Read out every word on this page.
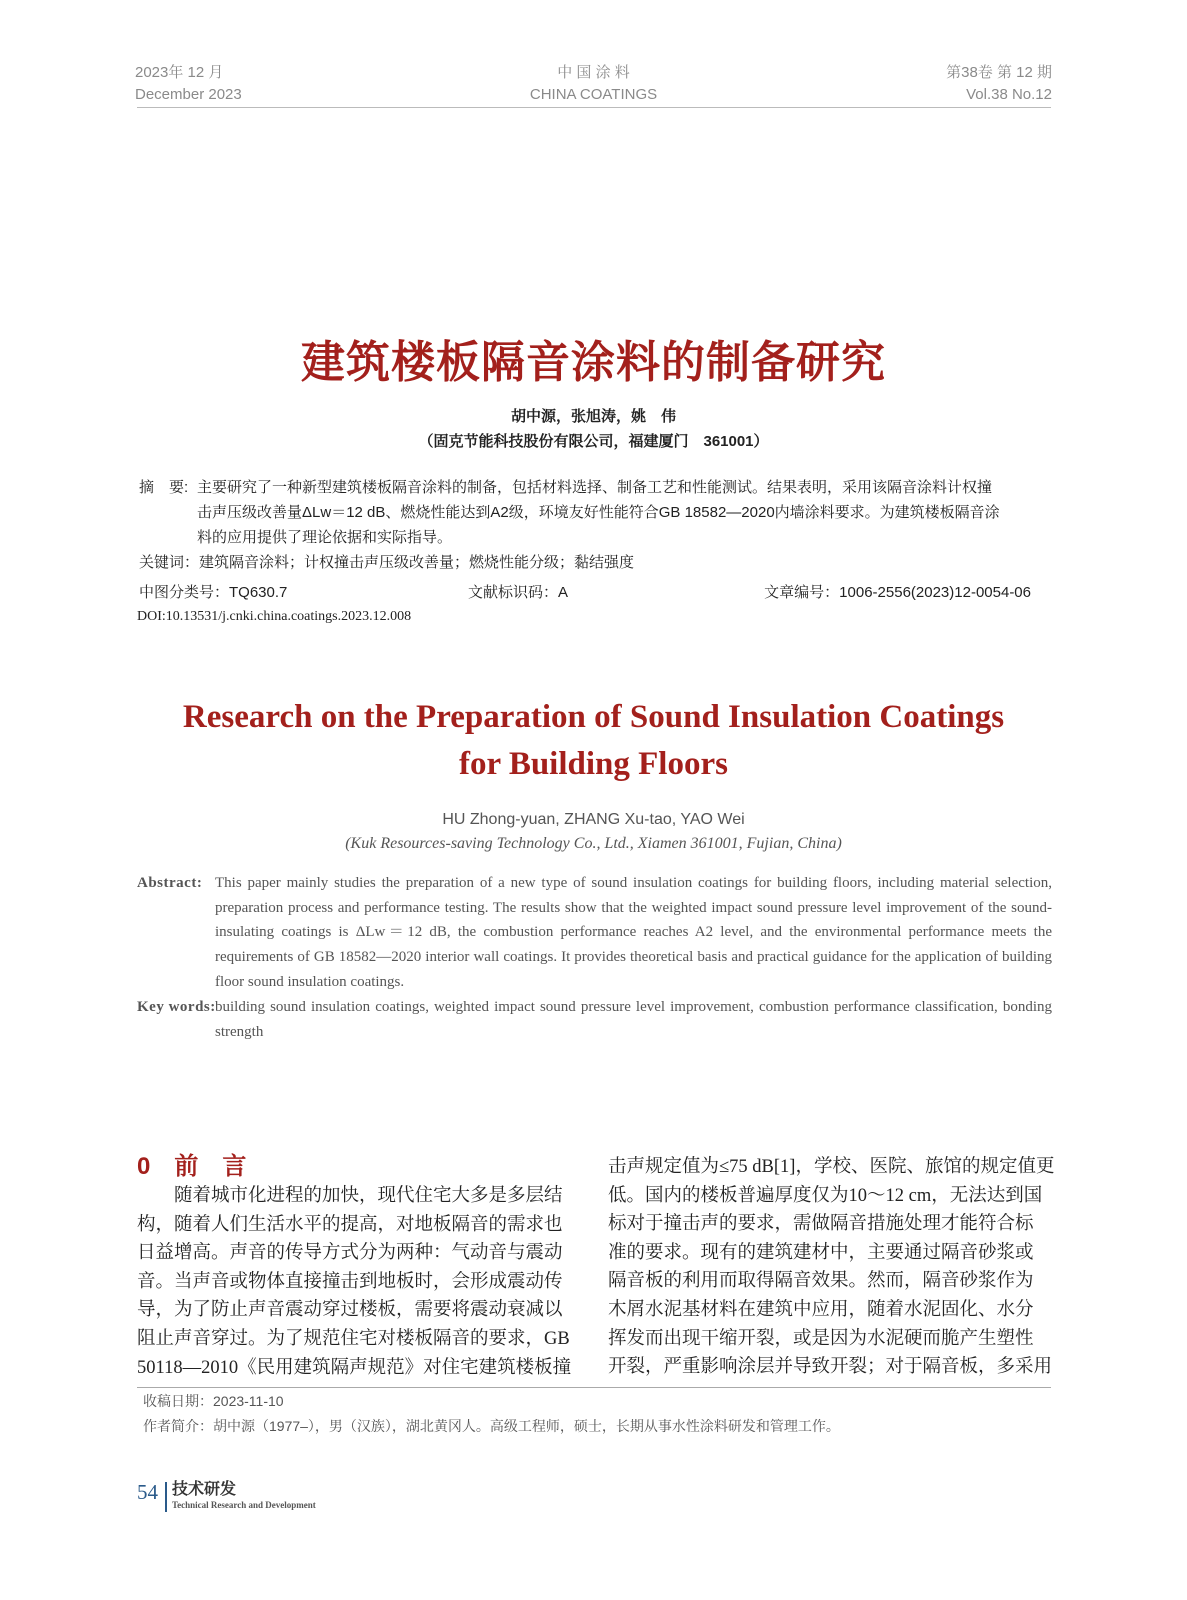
2023年 12 月
December 2023
中 国 涂 料
CHINA COATINGS
第38卷 第 12 期
Vol.38 No.12
建筑楼板隔音涂料的制备研究
胡中源，张旭涛，姚　伟
（固克节能科技股份有限公司，福建厦门　361001）
摘　要: 主要研究了一种新型建筑楼板隔音涂料的制备，包括材料选择、制备工艺和性能测试。结果表明，采用该隔音涂料计权撞
击声压级改善量ΔLw＝12 dB、燃烧性能达到A2级，环境友好性能符合GB 18582—2020内墙涂料要求。为建筑楼板隔音涂
料的应用提供了理论依据和实际指导。
关键词：建筑隔音涂料；计权撞击声压级改善量；燃烧性能分级；黏结强度
中图分类号：TQ630.7	文献标识码：A	文章编号：1006-2556(2023)12-0054-06
DOI:10.13531/j.cnki.china.coatings.2023.12.008
Research on the Preparation of Sound Insulation Coatings
for Building Floors
HU Zhong-yuan, ZHANG Xu-tao, YAO Wei
(Kuk Resources-saving Technology Co., Ltd., Xiamen 361001, Fujian, China)
Abstract: This paper mainly studies the preparation of a new type of sound insulation coatings for building floors, including material selection, preparation process and performance testing. The results show that the weighted impact sound pressure level improvement of the sound-insulating coatings is ΔLw＝12 dB, the combustion performance reaches A2 level, and the environmental performance meets the requirements of GB 18582—2020 interior wall coatings. It provides theoretical basis and practical guidance for the application of building floor sound insulation coatings.
Key words: building sound insulation coatings, weighted impact sound pressure level improvement, combustion performance classification, bonding strength
0　前　言
　　随着城市化进程的加快，现代住宅大多是多层结
构，随着人们生活水平的提高，对地板隔音的需求也
日益增高。声音的传导方式分为两种：气动音与震动
音。当声音或物体直接撞击到地板时，会形成震动传
导，为了防止声音震动穿过楼板，需要将震动衰减以
阻止声音穿过。为了规范住宅对楼板隔音的要求，GB
50118—2010《民用建筑隔声规范》对住宅建筑楼板撞
击声规定值为≤75 dB[1]，学校、医院、旅馆的规定值更
低。国内的楼板普遍厚度仅为10～12 cm，无法达到国
标对于撞击声的要求，需做隔音措施处理才能符合标
准的要求。现有的建筑建材中，主要通过隔音砂浆或
隔音板的利用而取得隔音效果。然而，隔音砂浆作为
木屑水泥基材料在建筑中应用，随着水泥固化、水分
挥发而出现干缩开裂，或是因为水泥硬而脆产生塑性
开裂，严重影响涂层并导致开裂；对于隔音板，多采用
收稿日期：2023-11-10
作者简介：胡中源（1977–），男（汉族），湖北黄冈人。高级工程师，硕士，长期从事水性涂料研发和管理工作。
54 技术研发
Technical Research and Development
